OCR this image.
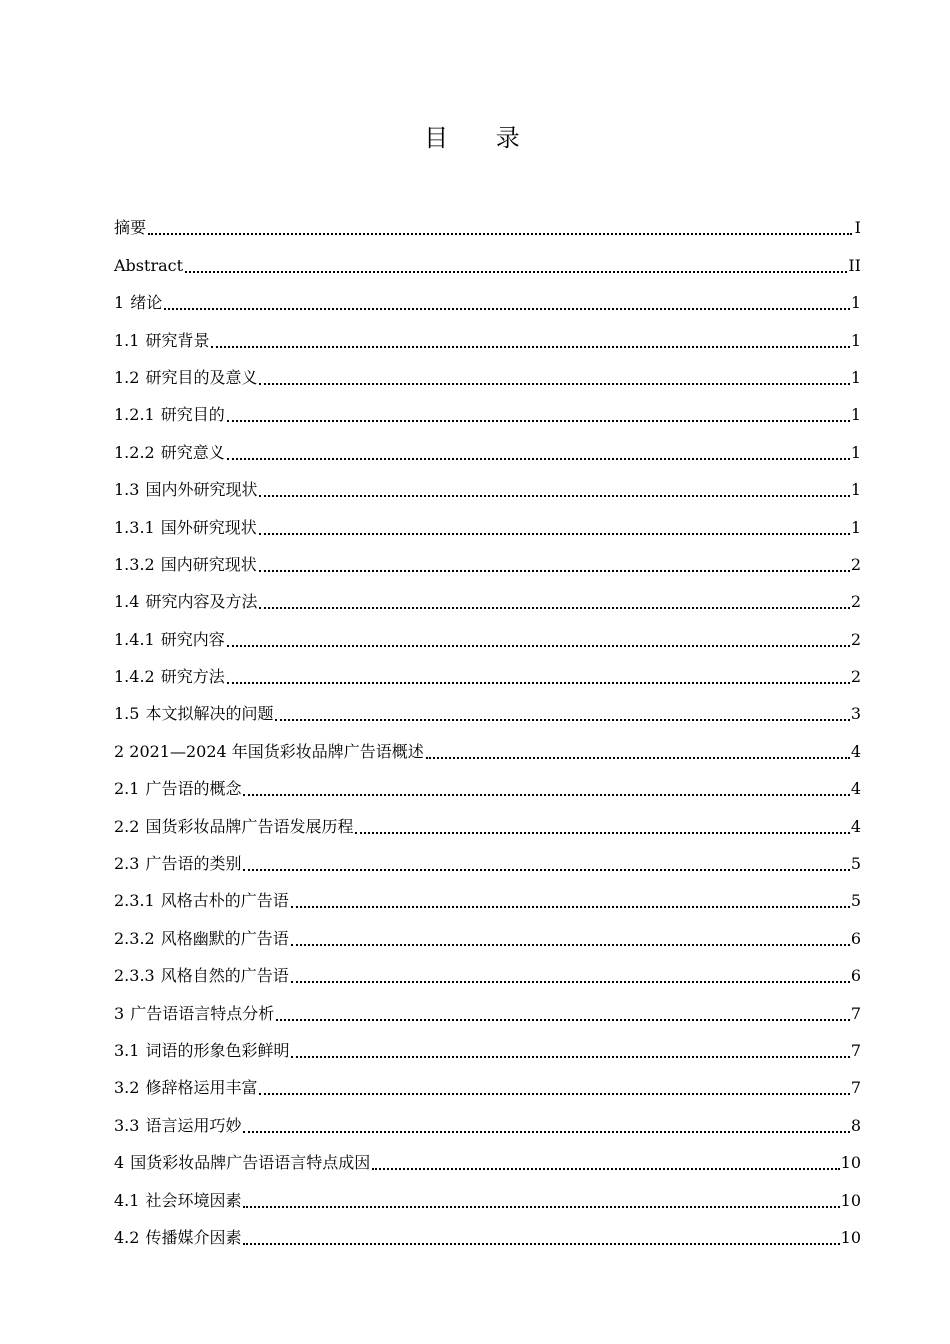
目 录
摘要	I
Abstract	II
1 绪论	1
1.1 研究背景	1
1.2 研究目的及意义	1
1.2.1 研究目的	1
1.2.2 研究意义	1
1.3 国内外研究现状	1
1.3.1 国外研究现状	1
1.3.2 国内研究现状	2
1.4 研究内容及方法	2
1.4.1 研究内容	2
1.4.2 研究方法	2
1.5 本文拟解决的问题	3
2 2021—2024 年国货彩妆品牌广告语概述	4
2.1 广告语的概念	4
2.2 国货彩妆品牌广告语发展历程	4
2.3 广告语的类别	5
2.3.1 风格古朴的广告语	5
2.3.2 风格幽默的广告语	6
2.3.3 风格自然的广告语	6
3 广告语语言特点分析	7
3.1 词语的形象色彩鲜明	7
3.2 修辞格运用丰富	7
3.3 语言运用巧妙	8
4 国货彩妆品牌广告语语言特点成因	10
4.1 社会环境因素	10
4.2 传播媒介因素	10
